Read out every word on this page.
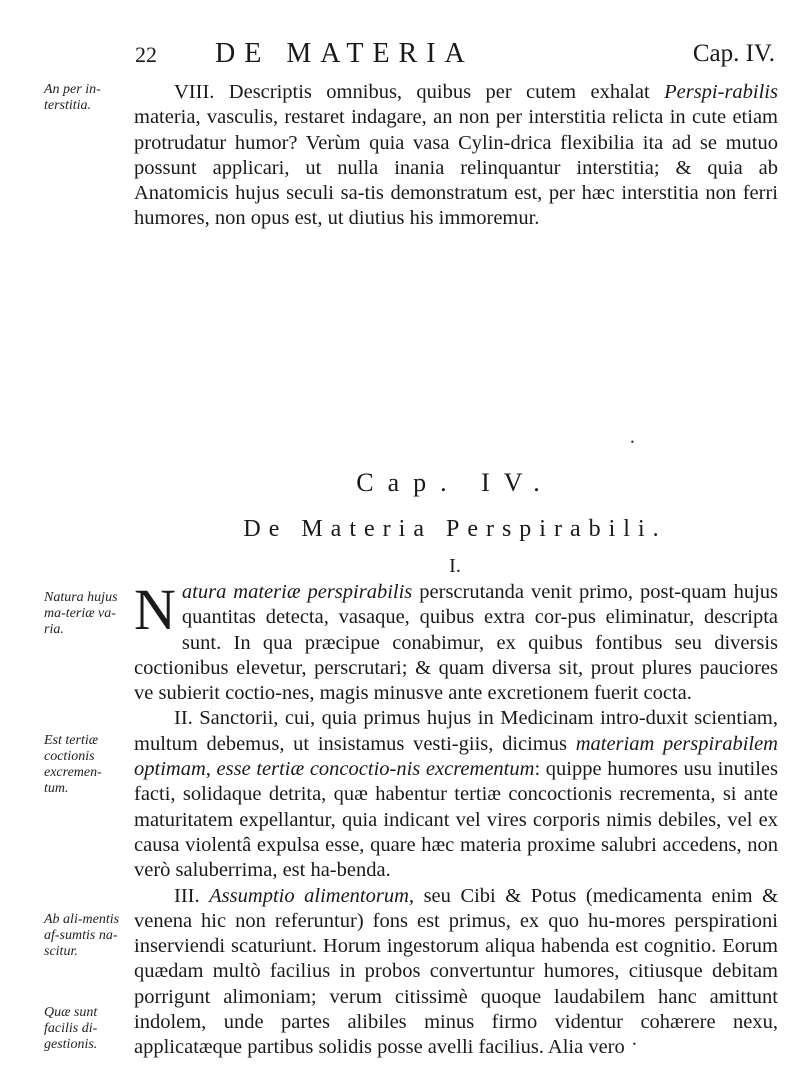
22 DE MATERIA	Cap. IV.
An per in-terstitia.
Natura hujus ma-teriæ va-ria.
Est tertiæ coctionis excremen-tum.
Ab ali-mentis af-sumtis na-scitur.
Quæ sunt facilis di-gestionis.

VIII. Descriptis omnibus, quibus per cutem exhalat Perspi-rabilis materia, vasculis, restaret indagare, an non per interstitia relicta in cute etiam protrudatur humor? Verùm quia vasa Cylin-drica flexibilia ita ad se mutuo possunt applicari, ut nulla inania relinquantur interstitia; & quia ab Anatomicis hujus seculi sa-tis demonstratum est, per hæc interstitia non ferri humores, non opus est, ut diutius his immoremur.

•
Cap. IV.
De Materia Perspirabili.
I.

Natura materiæ perspirabilis perscrutanda venit primo, post-quam hujus quantitas detecta, vasaque, quibus extra cor-pus eliminatur, descripta sunt. In qua præcipue conabimur, ex quibus fontibus seu diversis coctionibus elevetur, perscrutari; & quam diversa sit, prout plures pauciores ve subierit coctio-nes, magis minusve ante excretionem fuerit cocta.

II. Sanctorii, cui, quia primus hujus in Medicinam intro-duxit scientiam, multum debemus, ut insistamus vesti-giis, dicimus materiam perspirabilem optimam, esse tertiæ concoctio-nis excrementum: quippe humores usu inutiles facti, solidaque detrita, quæ habentur tertiæ concoctionis recrementa, si ante maturitatem expellantur, quia indicant vel vires corporis nimis debiles, vel ex causa violentâ expulsa esse, quare hæc materia proxime salubri accedens, non verò saluberrima, est ha-benda.

III. Assumptio alimentorum, seu Cibi & Potus (medicamenta enim & venena hic non referuntur) fons est primus, ex quo hu-mores perspirationi inserviendi scaturiunt. Horum ingestorum aliqua habenda est cognitio. Eorum quædam multò facilius in probos convertuntur humores, citiusque debitam porrigunt alimoniam; verum citissimè quoque laudabilem hanc amittunt indolem, unde partes alibiles minus firmo videntur cohærere nexu, applicatæque partibus solidis posse avelli facilius. Alia vero •
